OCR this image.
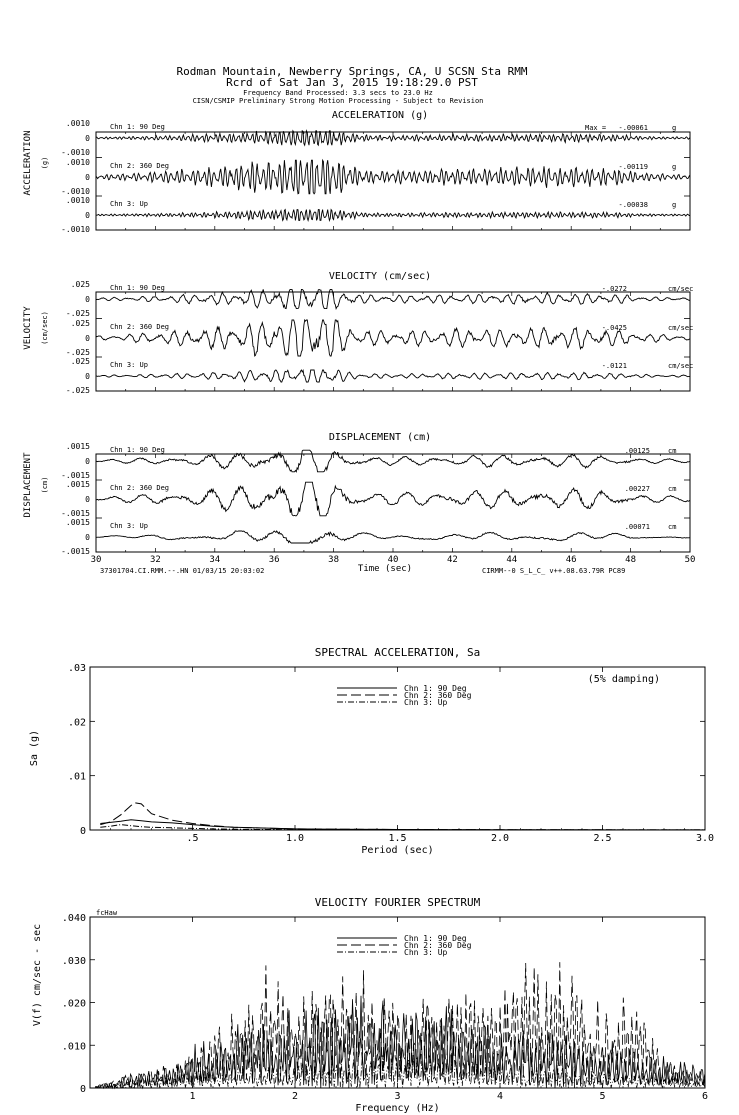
Rodman Mountain, Newberry Springs, CA, U SCSN Sta RMM
Rcrd of Sat Jan 3, 2015 19:18:29.0 PST
Frequency Band Processed: 3.3 secs to 23.0 Hz
CISN/CSMIP Preliminary Strong Motion Processing - Subject to Revision
ACCELERATION (g)
ACCELERATION (g)
.0010
0
-.0010
Chn 1: 90 Deg	Max = -.00061	g
.0010
0
-.0010
Chn 2: 360 Deg	-.00119	g
.0010
0
-.0010
Chn 3: Up	-.00038	g
VELOCITY (cm/sec)
VELOCITY (cm/sec)
.025
0
-.025
Chn 1: 90 Deg	-.0272	cm/sec
.025
0
-.025
Chn 2: 360 Deg	-.0425	cm/sec
.025
0
-.025
Chn 3: Up	-.0121	cm/sec
DISPLACEMENT (cm)
DISPLACEMENT (cm)
.0015
0
-.0015
Chn 1: 90 Deg	.00125	cm
.0015
0
-.0015
Chn 2: 360 Deg	.00227	cm
.0015
0
-.0015
Chn 3: Up	.00071	cm
30	32	34	36	38	40	42	44	46	48	50
Time (sec)
37301704.CI.RMM.--.HN 01/03/15 20:03:02	CIRMM--0 S_L_C_ v++.08.63.79R PC89
SPECTRAL ACCELERATION, Sa
.5	1.0	1.5	2.0	2.5	3.0
Period (sec)
.03
.02
.01
0
Sa (g)
(5% damping)
Chn 1: 90 Deg
Chn 2: 360 Deg
Chn 3: Up
VELOCITY FOURIER SPECTRUM
1	2	3	4	5	6
Frequency (Hz)
.040
.030
.020
.010
0
fcHaw
V(f) cm/sec - sec	Chn 1: 90 Deg
Chn 2: 360 Deg
Chn 3: Up
